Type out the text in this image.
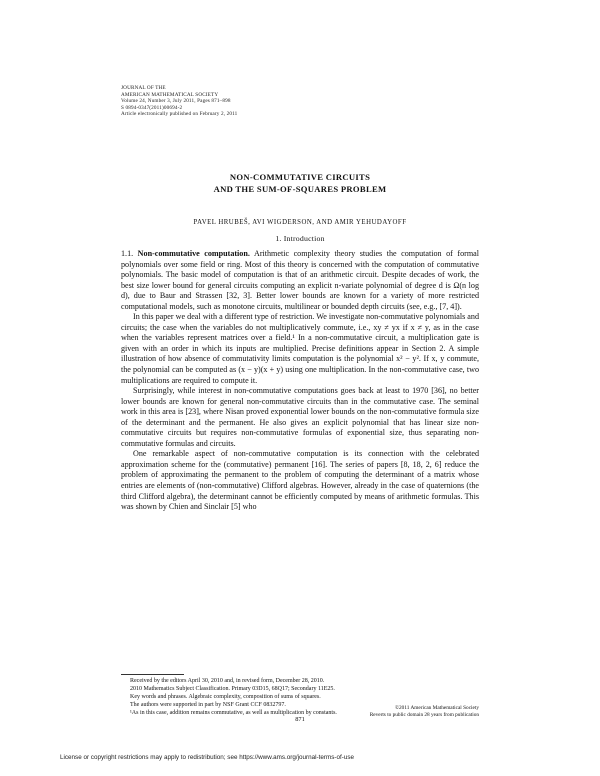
JOURNAL OF THE
AMERICAN MATHEMATICAL SOCIETY
Volume 24, Number 3, July 2011, Pages 871–898
S 0894-0347(2011)00694-2
Article electronically published on February 2, 2011
NON-COMMUTATIVE CIRCUITS
AND THE SUM-OF-SQUARES PROBLEM
PAVEL HRUBEŠ, AVI WIGDERSON, AND AMIR YEHUDAYOFF
1. Introduction

1.1. Non-commutative computation. Arithmetic complexity theory studies the computation of formal polynomials over some field or ring. Most of this theory is concerned with the computation of commutative polynomials. The basic model of computation is that of an arithmetic circuit. Despite decades of work, the best size lower bound for general circuits computing an explicit n-variate polynomial of degree d is Ω(n log d), due to Baur and Strassen [32, 3]. Better lower bounds are known for a variety of more restricted computational models, such as monotone circuits, multilinear or bounded depth circuits (see, e.g., [7, 4]).

In this paper we deal with a different type of restriction. We investigate non-commutative polynomials and circuits; the case when the variables do not multiplicatively commute, i.e., xy ≠ yx if x ≠ y, as in the case when the variables represent matrices over a field.¹ In a non-commutative circuit, a multiplication gate is given with an order in which its inputs are multiplied. Precise definitions appear in Section 2. A simple illustration of how absence of commutativity limits computation is the polynomial x² − y². If x, y commute, the polynomial can be computed as (x − y)(x + y) using one multiplication. In the non-commutative case, two multiplications are required to compute it.

Surprisingly, while interest in non-commutative computations goes back at least to 1970 [36], no better lower bounds are known for general non-commutative circuits than in the commutative case. The seminal work in this area is [23], where Nisan proved exponential lower bounds on the non-commutative formula size of the determinant and the permanent. He also gives an explicit polynomial that has linear size non-commutative circuits but requires non-commutative formulas of exponential size, thus separating non-commutative formulas and circuits.

One remarkable aspect of non-commutative computation is its connection with the celebrated approximation scheme for the (commutative) permanent [16]. The series of papers [8, 18, 2, 6] reduce the problem of approximating the permanent to the problem of computing the determinant of a matrix whose entries are elements of (non-commutative) Clifford algebras. However, already in the case of quaternions (the third Clifford algebra), the determinant cannot be efficiently computed by means of arithmetic formulas. This was shown by Chien and Sinclair [5] who

Received by the editors April 30, 2010 and, in revised form, December 28, 2010.

2010 Mathematics Subject Classification. Primary 03D15, 68Q17; Secondary 11E25.

Key words and phrases. Algebraic complexity, composition of sums of squares.

The authors were supported in part by NSF Grant CCF 0832797.

¹As in this case, addition remains commutative, as well as multiplication by constants.

©2011 American Mathematical Society
Reverts to public domain 28 years from publication
871
License or copyright restrictions may apply to redistribution; see https://www.ams.org/journal-terms-of-use
